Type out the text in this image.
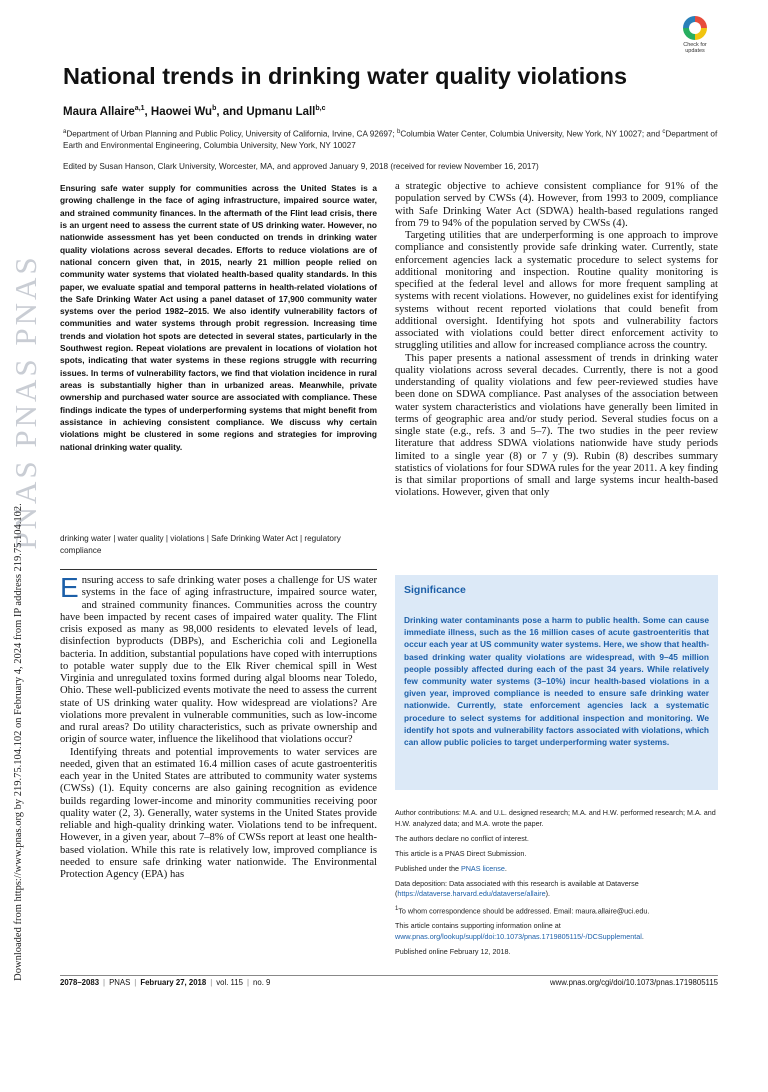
PNAS PNAS PNAS
Downloaded from https://www.pnas.org by 219.75.104.102 on February 4, 2024 from IP address 219.75.104.102.
Check for updates
National trends in drinking water quality violations
Maura Allaire$^{a,1}$, Haowei Wu$^b$, and Upmanu Lall$^{b,c}$
$^a$Department of Urban Planning and Public Policy, University of California, Irvine, CA 92697; $^b$Columbia Water Center, Columbia University, New York, NY 10027; and $^c$Department of Earth and Environmental Engineering, Columbia University, New York, NY 10027
Edited by Susan Hanson, Clark University, Worcester, MA, and approved January 9, 2018 (received for review November 16, 2017)
Ensuring safe water supply for communities across the United States is a growing challenge in the face of aging infrastructure, impaired source water, and strained community finances. In the aftermath of the Flint lead crisis, there is an urgent need to assess the current state of US drinking water. However, no nationwide assessment has yet been conducted on trends in drinking water quality violations across several decades. Efforts to reduce violations are of national concern given that, in 2015, nearly 21 million people relied on community water systems that violated health-based quality standards. In this paper, we evaluate spatial and temporal patterns in health-related violations of the Safe Drinking Water Act using a panel dataset of 17,900 community water systems over the period 1982–2015. We also identify vulnerability factors of communities and water systems through probit regression. Increasing time trends and violation hot spots are detected in several states, particularly in the Southwest region. Repeat violations are prevalent in locations of violation hot spots, indicating that water systems in these regions struggle with recurring issues. In terms of vulnerability factors, we find that violation incidence in rural areas is substantially higher than in urbanized areas. Meanwhile, private ownership and purchased water source are associated with compliance. These findings indicate the types of underperforming systems that might benefit from assistance in achieving consistent compliance. We discuss why certain violations might be clustered in some regions and strategies for improving national drinking water quality.
drinking water | water quality | violations | Safe Drinking Water Act | regulatory compliance

Ensuring access to safe drinking water poses a challenge for US water systems in the face of aging infrastructure, impaired source water, and strained community finances. Communities across the country have been impacted by recent cases of impaired water quality. The Flint crisis exposed as many as 98,000 residents to elevated levels of lead, disinfection byproducts (DBPs), and Escherichia coli and Legionella bacteria. In addition, substantial populations have coped with interruptions to potable water supply due to the Elk River chemical spill in West Virginia and unregulated toxins formed during algal blooms near Toledo, Ohio. These well-publicized events motivate the need to assess the current state of US drinking water quality. How widespread are violations? Are violations more prevalent in vulnerable communities, such as low-income and rural areas? Do utility characteristics, such as private ownership and origin of source water, influence the likelihood that violations occur?

Identifying threats and potential improvements to water services are needed, given that an estimated 16.4 million cases of acute gastroenteritis each year in the United States are attributed to community water systems (CWSs) (1). Equity concerns are also gaining recognition as evidence builds regarding lower-income and minority communities receiving poor quality water (2, 3). Generally, water systems in the United States provide reliable and high-quality drinking water. Violations tend to be infrequent. However, in a given year, about 7–8% of CWSs report at least one health-based violation. While this rate is relatively low, improved compliance is needed to ensure safe drinking water nationwide. The Environmental Protection Agency (EPA) has

a strategic objective to achieve consistent compliance for 91% of the population served by CWSs (4). However, from 1993 to 2009, compliance with Safe Drinking Water Act (SDWA) health-based regulations ranged from 79 to 94% of the population served by CWSs (4).

Targeting utilities that are underperforming is one approach to improve compliance and consistently provide safe drinking water. Currently, state enforcement agencies lack a systematic procedure to select systems for additional monitoring and inspection. Routine quality monitoring is specified at the federal level and allows for more frequent sampling at systems with recent violations. However, no guidelines exist for identifying systems without recent reported violations that could benefit from additional oversight. Identifying hot spots and vulnerability factors associated with violations could better direct enforcement activity to struggling utilities and allow for increased compliance across the country.

This paper presents a national assessment of trends in drinking water quality violations across several decades. Currently, there is not a good understanding of quality violations and few peer-reviewed studies have been done on SDWA compliance. Past analyses of the association between water system characteristics and violations have generally been limited in terms of geographic area and/or study period. Several studies focus on a single state (e.g., refs. 3 and 5–7). The two studies in the peer review literature that address SDWA violations nationwide have study periods limited to a single year (8) or 7 y (9). Rubin (8) describes summary statistics of violations for four SDWA rules for the year 2011. A key finding is that similar proportions of small and large systems incur health-based violations. However, given that only

Significance
Drinking water contaminants pose a harm to public health. Some can cause immediate illness, such as the 16 million cases of acute gastroenteritis that occur each year at US community water systems. Here, we show that health-based drinking water quality violations are widespread, with 9–45 million people possibly affected during each of the past 34 years. While relatively few community water systems (3–10%) incur health-based violations in a given year, improved compliance is needed to ensure safe drinking water nationwide. Currently, state enforcement agencies lack a systematic procedure to select systems for additional inspection and monitoring. We identify hot spots and vulnerability factors associated with violations, which can allow public policies to target underperforming water systems.

Author contributions: M.A. and U.L. designed research; M.A. and H.W. performed research; M.A. and H.W. analyzed data; and M.A. wrote the paper.

The authors declare no conflict of interest.

This article is a PNAS Direct Submission.

Published under the PNAS license.

Data deposition: Data associated with this research is available at Dataverse (https://dataverse.harvard.edu/dataverse/allaire).

$^1$To whom correspondence should be addressed. Email: maura.allaire@uci.edu.

This article contains supporting information online at www.pnas.org/lookup/suppl/doi:10.1073/pnas.1719805115/-/DCSupplemental.

Published online February 12, 2018.

2078–2083 | PNAS | February 27, 2018 | vol. 115 | no. 9	www.pnas.org/cgi/doi/10.1073/pnas.1719805115
